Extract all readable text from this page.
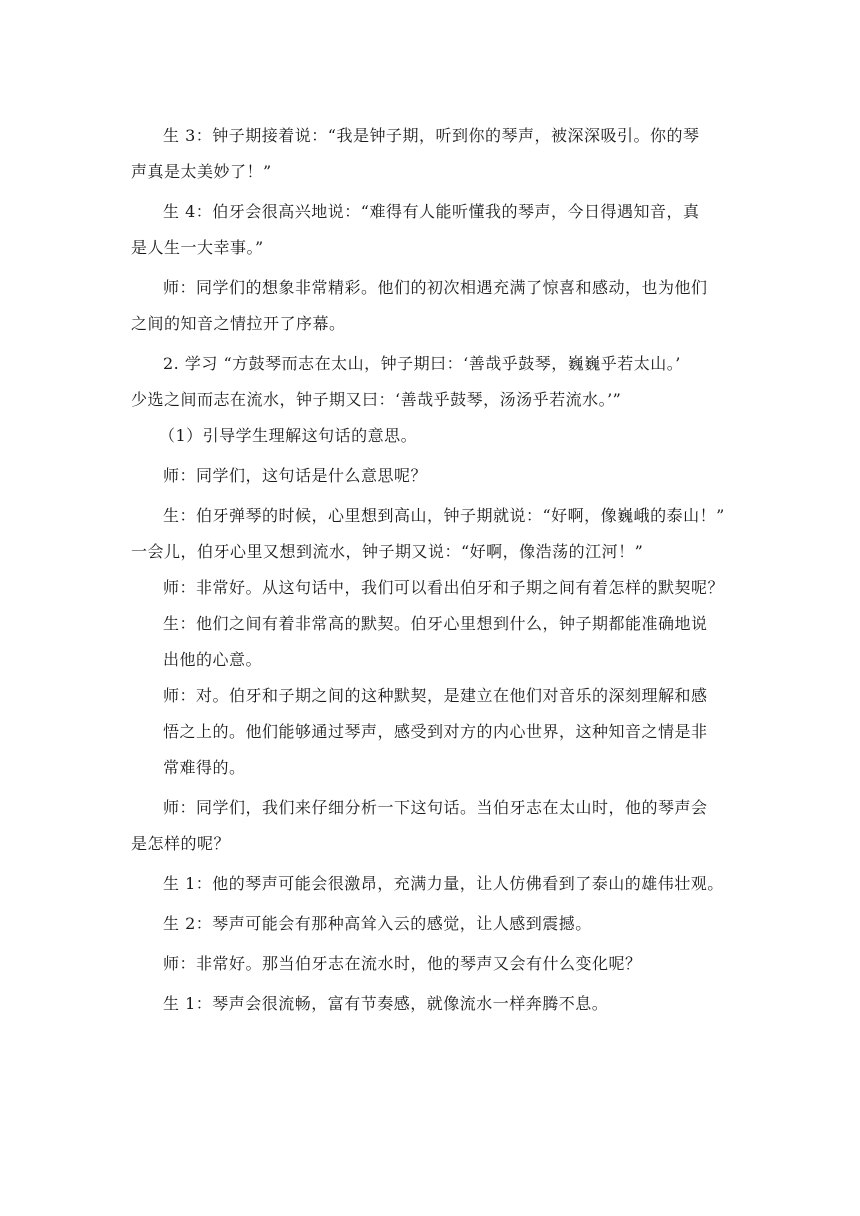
生 3：钟子期接着说：“我是钟子期，听到你的琴声，被深深吸引。你的琴
声真是太美妙了！”

生 4：伯牙会很高兴地说：“难得有人能听懂我的琴声，今日得遇知音，真
是人生一大幸事。”

师：同学们的想象非常精彩。他们的初次相遇充满了惊喜和感动，也为他们
之间的知音之情拉开了序幕。

2. 学习 “方鼓琴而志在太山，钟子期曰：‘善哉乎鼓琴，巍巍乎若太山。’
少选之间而志在流水，钟子期又曰：‘善哉乎鼓琴，汤汤乎若流水。’”

（1）引导学生理解这句话的意思。

师：同学们，这句话是什么意思呢？

生：伯牙弹琴的时候，心里想到高山，钟子期就说：“好啊，像巍峨的泰山！”
一会儿，伯牙心里又想到流水，钟子期又说：“好啊，像浩荡的江河！”

师：非常好。从这句话中，我们可以看出伯牙和子期之间有着怎样的默契呢？

生：他们之间有着非常高的默契。伯牙心里想到什么，钟子期都能准确地说
出他的心意。

师：对。伯牙和子期之间的这种默契，是建立在他们对音乐的深刻理解和感
悟之上的。他们能够通过琴声，感受到对方的内心世界，这种知音之情是非
常难得的。

师：同学们，我们来仔细分析一下这句话。当伯牙志在太山时，他的琴声会
是怎样的呢？

生 1：他的琴声可能会很激昂，充满力量，让人仿佛看到了泰山的雄伟壮观。

生 2：琴声可能会有那种高耸入云的感觉，让人感到震撼。

师：非常好。那当伯牙志在流水时，他的琴声又会有什么变化呢？

生 1：琴声会很流畅，富有节奏感，就像流水一样奔腾不息。
